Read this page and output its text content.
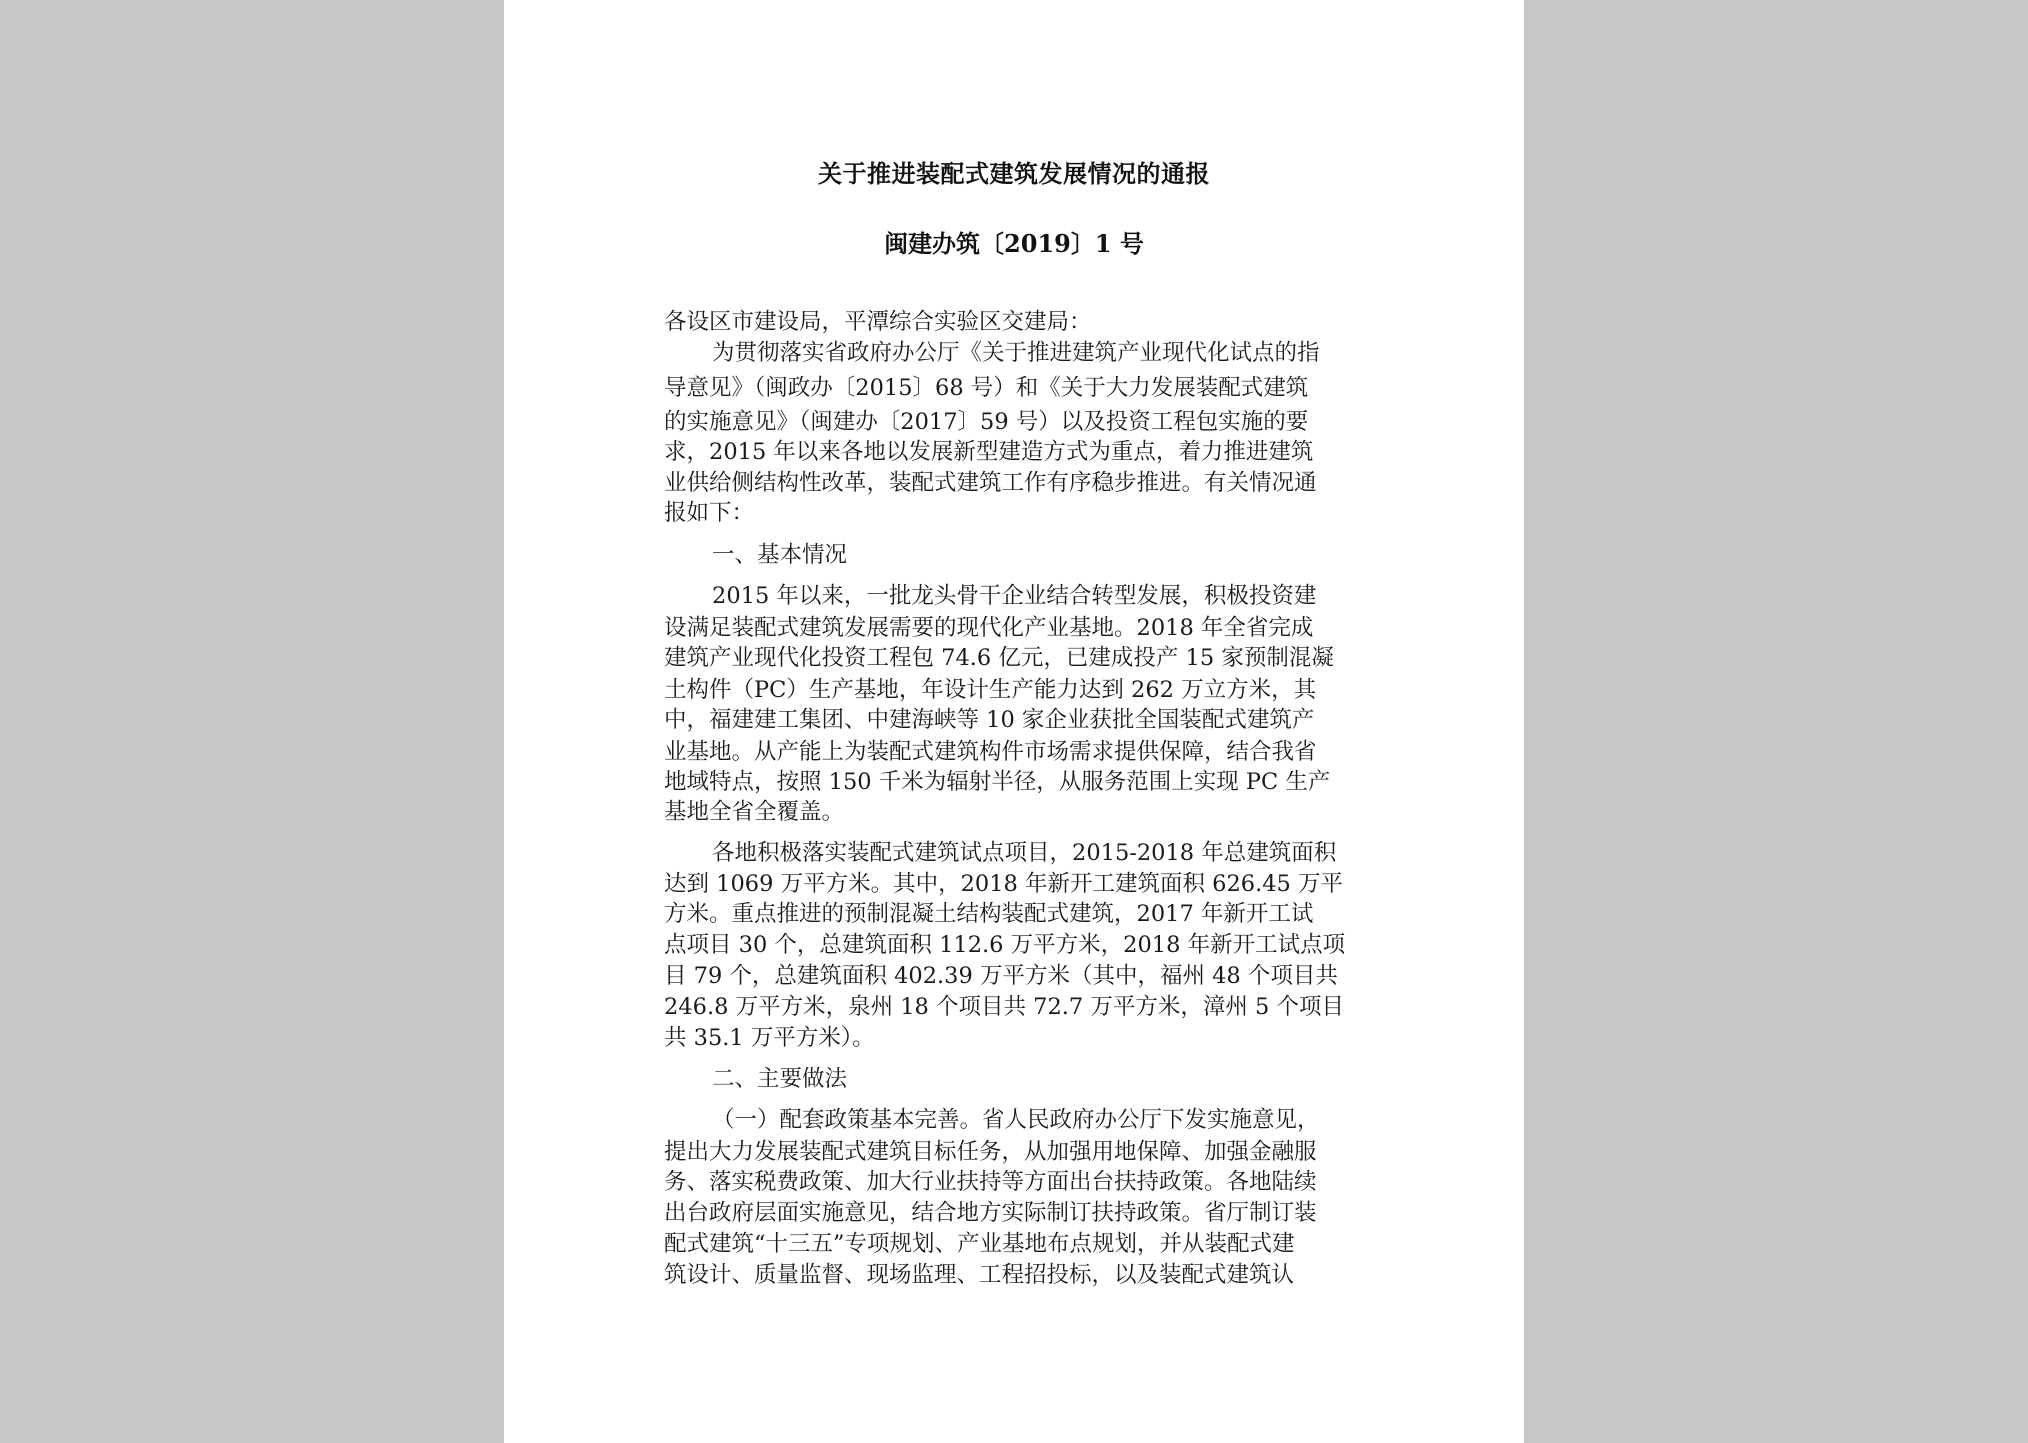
关于推进装配式建筑发展情况的通报
闽建办筑〔2019〕1 号
各设区市建设局，平潭综合实验区交建局：
为贯彻落实省政府办公厅《关于推进建筑产业现代化试点的指
导意见》（闽政办〔2015〕68 号）和《关于大力发展装配式建筑
的实施意见》（闽建办〔2017〕59 号）以及投资工程包实施的要
求，2015 年以来各地以发展新型建造方式为重点，着力推进建筑
业供给侧结构性改革，装配式建筑工作有序稳步推进。有关情况通
报如下：
一、基本情况
2015 年以来，一批龙头骨干企业结合转型发展，积极投资建
设满足装配式建筑发展需要的现代化产业基地。2018 年全省完成
建筑产业现代化投资工程包 74.6 亿元，已建成投产 15 家预制混凝
土构件（PC）生产基地，年设计生产能力达到 262 万立方米，其
中，福建建工集团、中建海峡等 10 家企业获批全国装配式建筑产
业基地。从产能上为装配式建筑构件市场需求提供保障，结合我省
地域特点，按照 150 千米为辐射半径，从服务范围上实现 PC 生产
基地全省全覆盖。
各地积极落实装配式建筑试点项目，2015-2018 年总建筑面积
达到 1069 万平方米。其中，2018 年新开工建筑面积 626.45 万平
方米。重点推进的预制混凝土结构装配式建筑，2017 年新开工试
点项目 30 个，总建筑面积 112.6 万平方米，2018 年新开工试点项
目 79 个，总建筑面积 402.39 万平方米（其中，福州 48 个项目共
246.8 万平方米，泉州 18 个项目共 72.7 万平方米，漳州 5 个项目
共 35.1 万平方米）。
二、主要做法
（一）配套政策基本完善。省人民政府办公厅下发实施意见，
提出大力发展装配式建筑目标任务，从加强用地保障、加强金融服
务、落实税费政策、加大行业扶持等方面出台扶持政策。各地陆续
出台政府层面实施意见，结合地方实际制订扶持政策。省厅制订装
配式建筑“十三五”专项规划、产业基地布点规划，并从装配式建
筑设计、质量监督、现场监理、工程招投标，以及装配式建筑认
